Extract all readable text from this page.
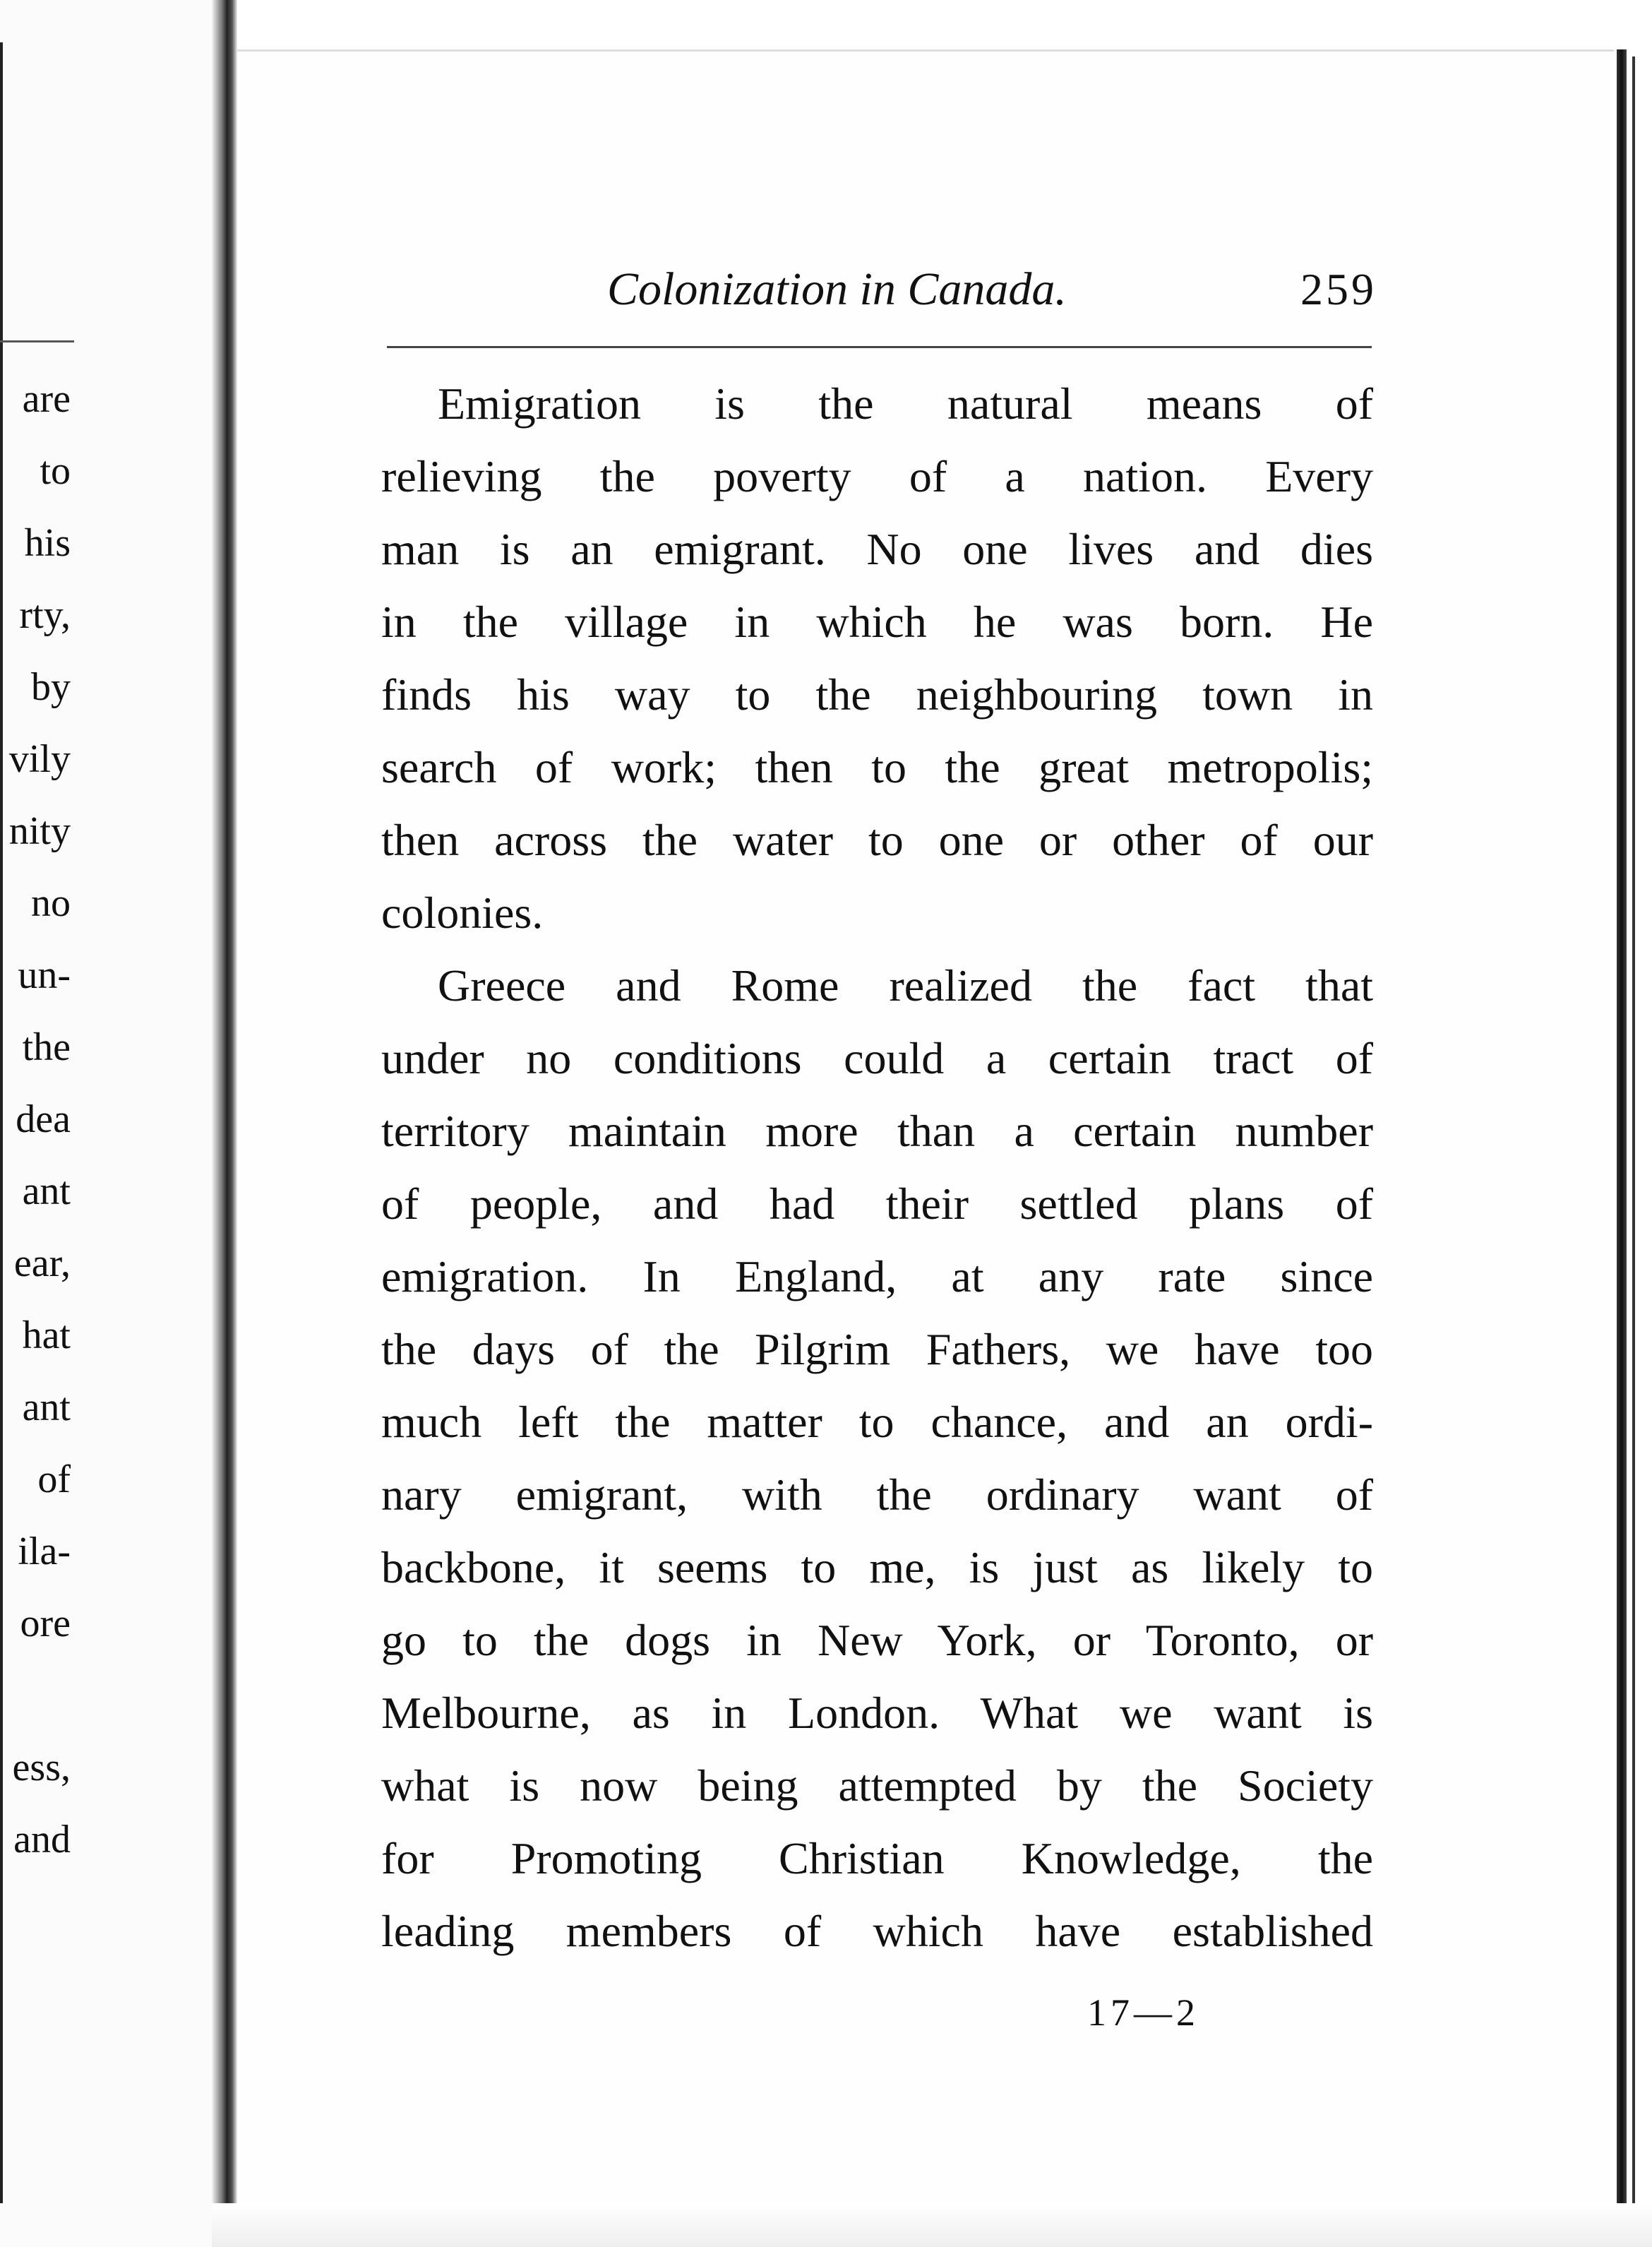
are
to
his
rty,
by
vily
nity
no
un-
the
dea
ant
ear,
hat
ant
of
ila-
ore
ess,
and
Colonization in Canada.	259
Emigration is the natural means of
relieving the poverty of a nation. Every
man is an emigrant. No one lives and dies
in the village in which he was born. He
finds his way to the neighbouring town in
search of work; then to the great metropolis;
then across the water to one or other of our
colonies.
Greece and Rome realized the fact that
under no conditions could a certain tract of
territory maintain more than a certain number
of people, and had their settled plans of
emigration. In England, at any rate since
the days of the Pilgrim Fathers, we have too
much left the matter to chance, and an ordi-
nary emigrant, with the ordinary want of
backbone, it seems to me, is just as likely to
go to the dogs in New York, or Toronto, or
Melbourne, as in London. What we want is
what is now being attempted by the Society
for Promoting Christian Knowledge, the
leading members of which have established
17—2
